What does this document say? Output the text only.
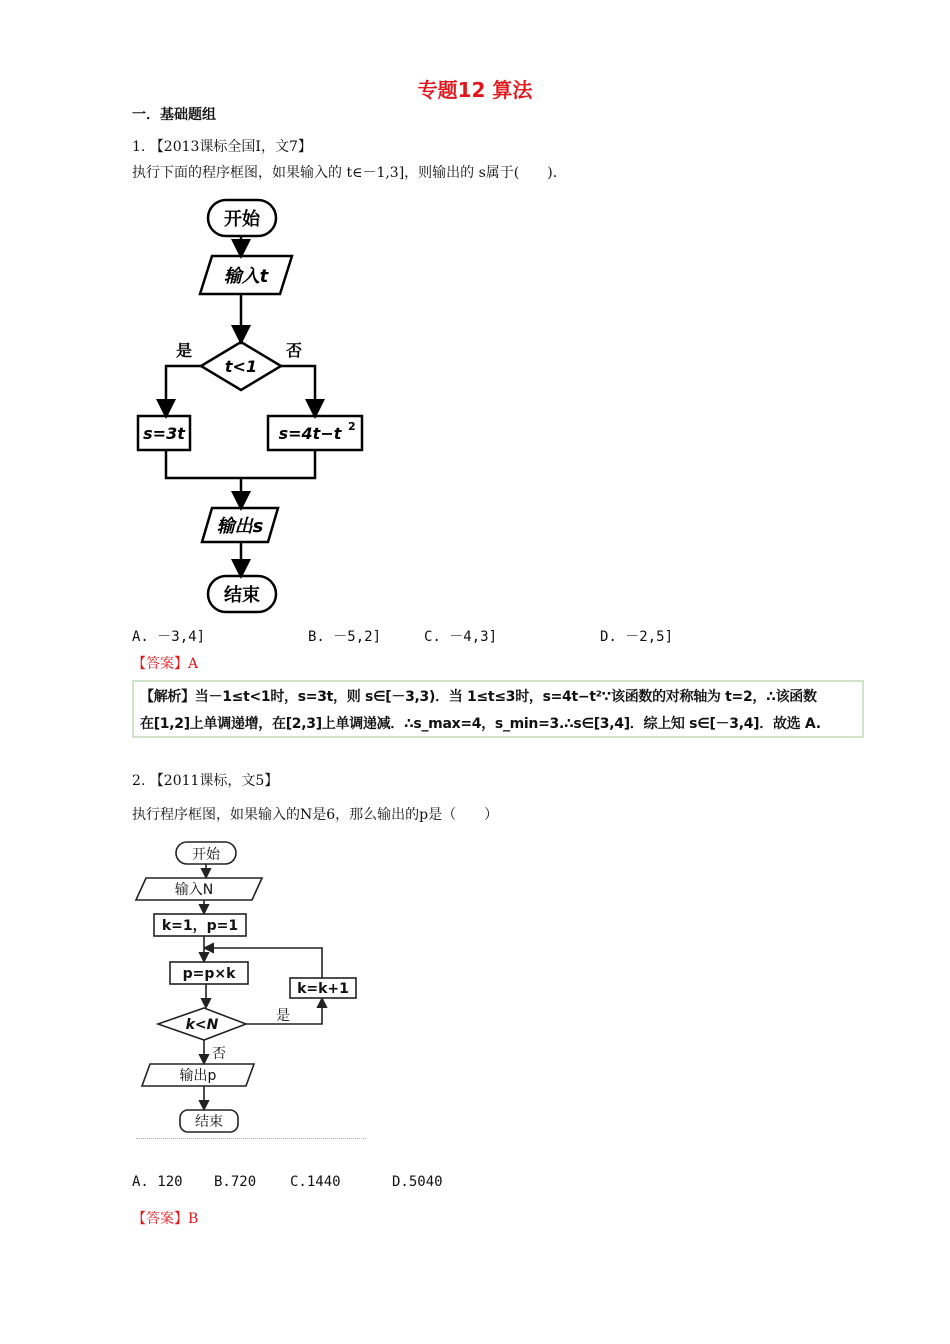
专题12 算法
一．基础题组
1. 【2013课标全国Ⅰ，文7】
执行下面的程序框图，如果输入的 t∈－1,3]，则输出的 s属于(　　)．
开始
输入t
t<1
是	否
s=3t	s=4t−t 2
输出s
结束
A. －3,4]	B. －5,2]	C. －4,3]	D. －2,5]
【答案】A
【解析】当－1≤t<1时，s=3t，则 s∈[－3,3)．当 1≤t≤3时，s=4t−t²∵该函数的对称轴为 t=2，∴该函数
在[1,2]上单调递增，在[2,3]上单调递减．∴s_max=4，s_min=3.∴s∈[3,4]．综上知 s∈[－3,4]．故选 A.
2. 【2011课标，文5】
执行程序框图，如果输入的N是6，那么输出的p是（　　）
开始
输入N
k=1，p=1
p=p×k
k=k+1
k<N
是
否
输出p
结束
A. 120 B.720 C.1440	D.5040
【答案】B
